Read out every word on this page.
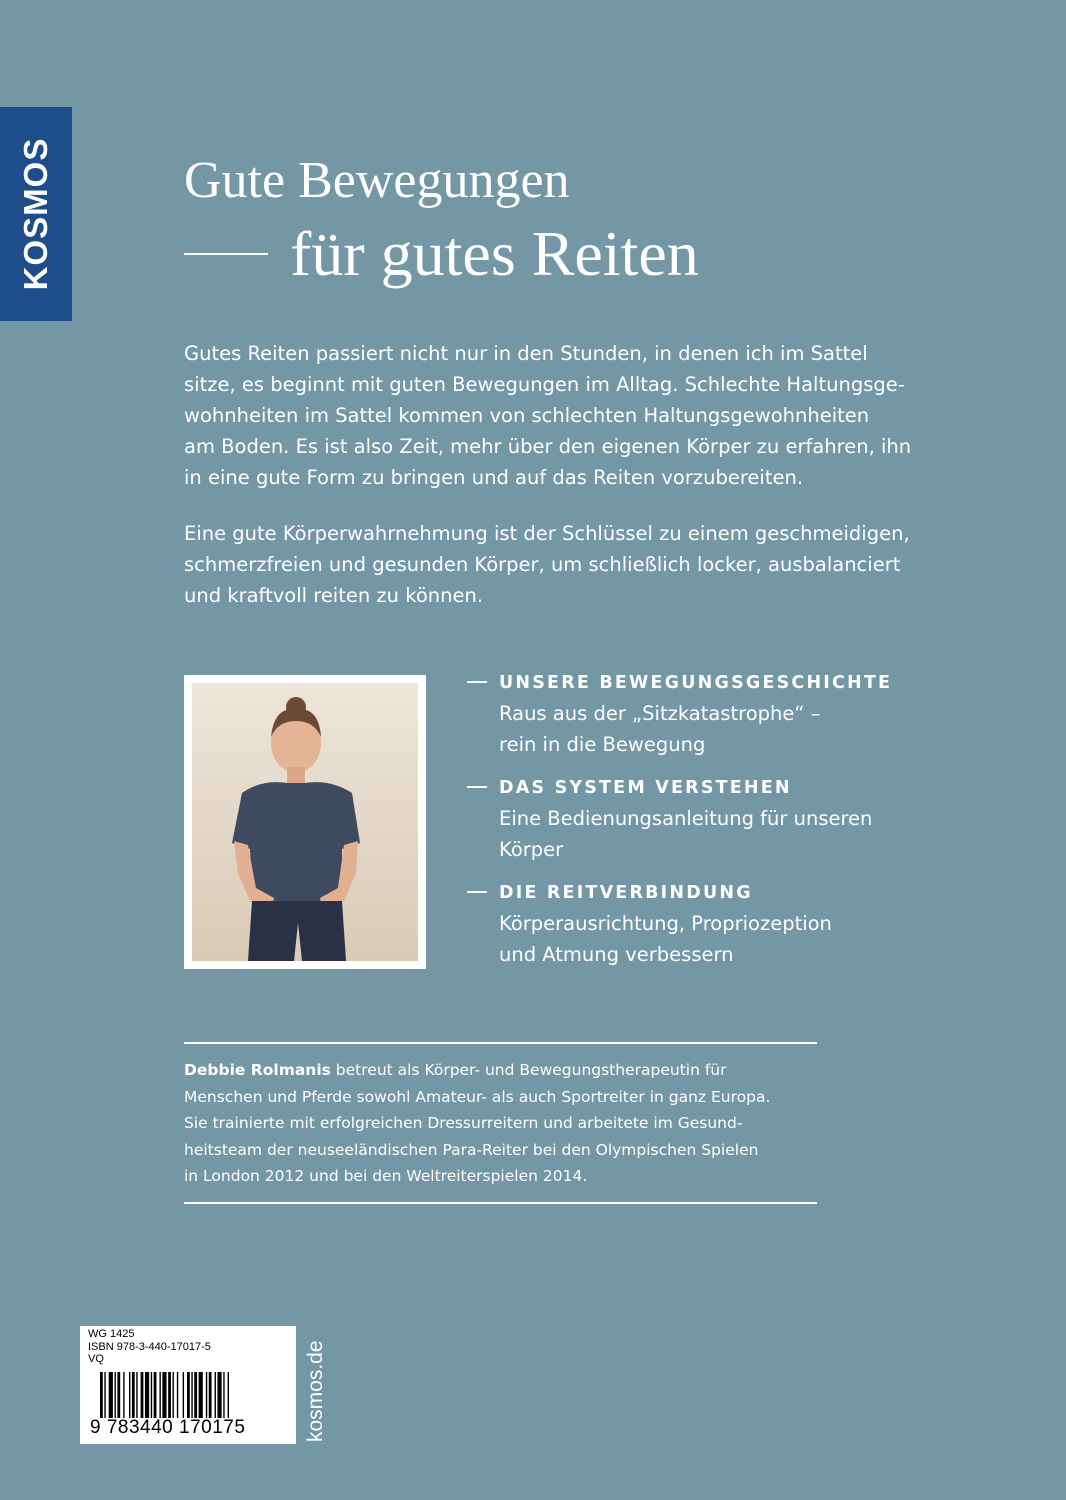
KOSMOS	Gute Bewegungen
für gutes Reiten

Gutes Reiten passiert nicht nur in den Stunden, in denen ich im Sattel
sitze, es beginnt mit guten Bewegungen im Alltag. Schlechte Haltungsge-
wohnheiten im Sattel kommen von schlechten Haltungsgewohnheiten
am Boden. Es ist also Zeit, mehr über den eigenen Körper zu erfahren, ihn
in eine gute Form zu bringen und auf das Reiten vorzubereiten.

Eine gute Körperwahrnehmung ist der Schlüssel zu einem geschmeidigen,
schmerzfreien und gesunden Körper, um schließlich locker, ausbalanciert
und kraftvoll reiten zu können.

UNSERE BEWEGUNGSGESCHICHTE
Raus aus der „Sitzkatastrophe“ –
rein in die Bewegung
DAS SYSTEM VERSTEHEN
Eine Bedienungsanleitung für unseren
Körper
DIE REITVERBINDUNG
Körperausrichtung, Propriozeption
und Atmung verbessern
Debbie Rolmanis betreut als Körper- und Bewegungstherapeutin für
Menschen und Pferde sowohl Amateur- als auch Sportreiter in ganz Europa.
Sie trainierte mit erfolgreichen Dressurreitern und arbeitete im Gesund-
heitsteam der neuseeländischen Para-Reiter bei den Olympischen Spielen
in London 2012 und bei den Weltreiterspielen 2014.
WG 1425
ISBN 978-3-440-17017-5
VQ
9 783440 170175	kosmos.de
